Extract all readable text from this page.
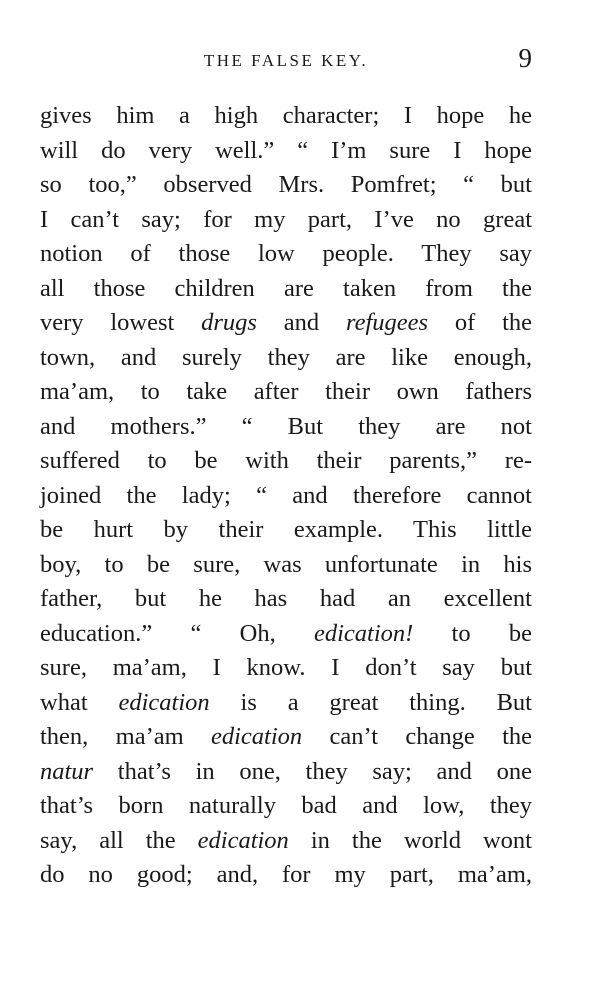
THE FALSE KEY.	9
gives him a high character; I hope he
will do very well.” “ I’m sure I hope
so too,” observed Mrs. Pomfret; “ but
I can’t say; for my part, I’ve no great
notion of those low people. They say
all those children are taken from the
very lowest drugs and refugees of the
town, and surely they are like enough,
ma’am, to take after their own fathers
and mothers.” “ But they are not
suffered to be with their parents,” re-
joined the lady; “ and therefore cannot
be hurt by their example. This little
boy, to be sure, was unfortunate in his
father, but he has had an excellent
education.” “ Oh, edication! to be
sure, ma’am, I know. I don’t say but
what edication is a great thing. But
then, ma’am edication can’t change the
natur that’s in one, they say; and one
that’s born naturally bad and low, they
say, all the edication in the world wont
do no good; and, for my part, ma’am,
